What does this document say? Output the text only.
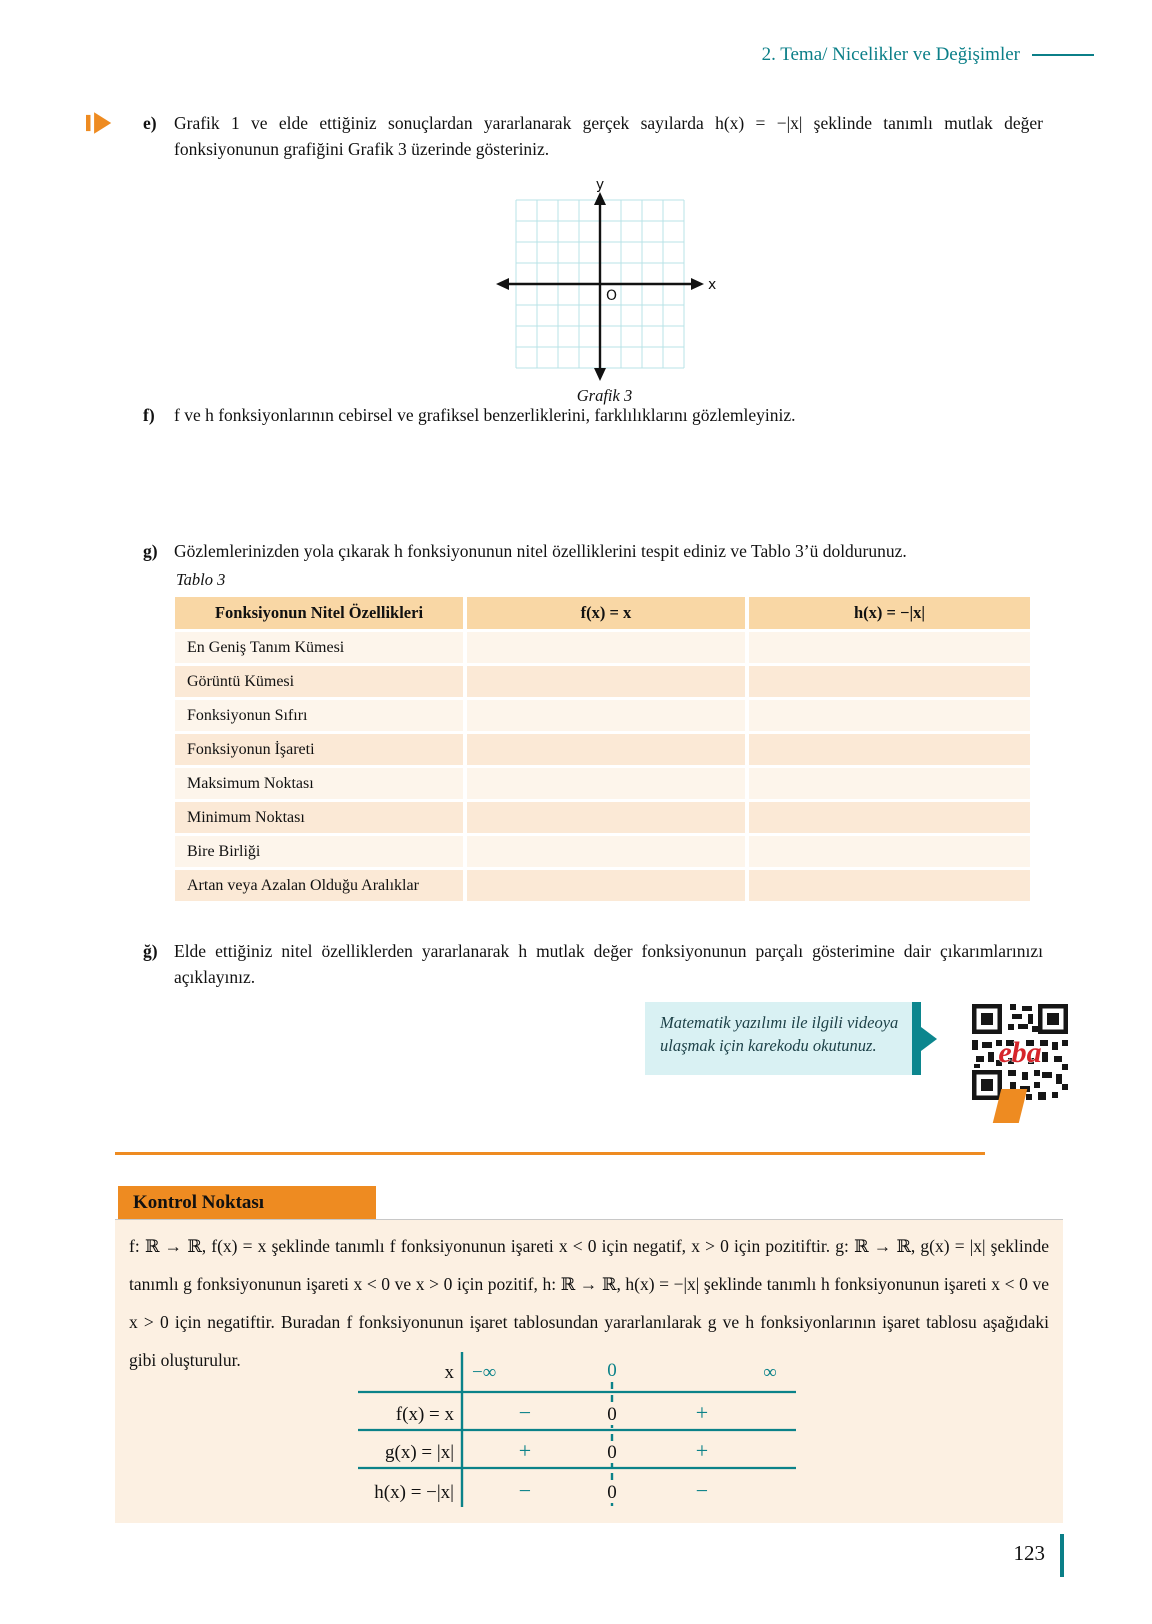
2. Tema/ Nicelikler ve Değişimler
e) Grafik 1 ve elde ettiğiniz sonuçlardan yararlanarak gerçek sayılarda h(x) = −|x| şeklinde tanımlı mutlak değer fonksiyonunun grafiğini Grafik 3 üzerinde gösteriniz.
y
x
O
Grafik 3
f)	f ve h fonksiyonlarının cebirsel ve grafiksel benzerliklerini, farklılıklarını gözlemleyiniz.
g) Gözlemlerinizden yola çıkarak h fonksiyonunun nitel özelliklerini tespit ediniz ve Tablo 3’ü doldurunuz.
Tablo 3
Fonksiyonun Nitel Özellikleri	f(x) = x	h(x) = −|x|
En Geniş Tanım Kümesi
Görüntü Kümesi
Fonksiyonun Sıfırı
Fonksiyonun İşareti
Maksimum Noktası
Minimum Noktası
Bire Birliği
Artan veya Azalan Olduğu Aralıklar
ğ) Elde ettiğiniz nitel özelliklerden yararlanarak h mutlak değer fonksiyonunun parçalı gösterimine dair çıkarımlarınızı açıklayınız.
Matematik yazılımı ile ilgili videoya ulaşmak için karekodu okutunuz.	eba
Kontrol Noktası

f: ℝ → ℝ, f(x) = x şeklinde tanımlı f fonksiyonunun işareti x < 0 için negatif, x > 0 için pozitiftir. g: ℝ → ℝ, g(x) = |x| şeklinde tanımlı g fonksiyonunun işareti x < 0 ve x > 0 için pozitif, h: ℝ → ℝ, h(x) = −|x| şeklinde tanımlı h fonksiyonunun işareti x < 0 ve x > 0 için negatiftir. Buradan f fonksiyonunun işaret tablosundan yararlanılarak g ve h fonksiyonlarının işaret tablosu aşağıdaki gibi oluşturulur.

x −∞	0	∞
f(x) = x	−	0	+
g(x) = |x|	+	0	+
h(x) = −|x|	−	0	−
123
